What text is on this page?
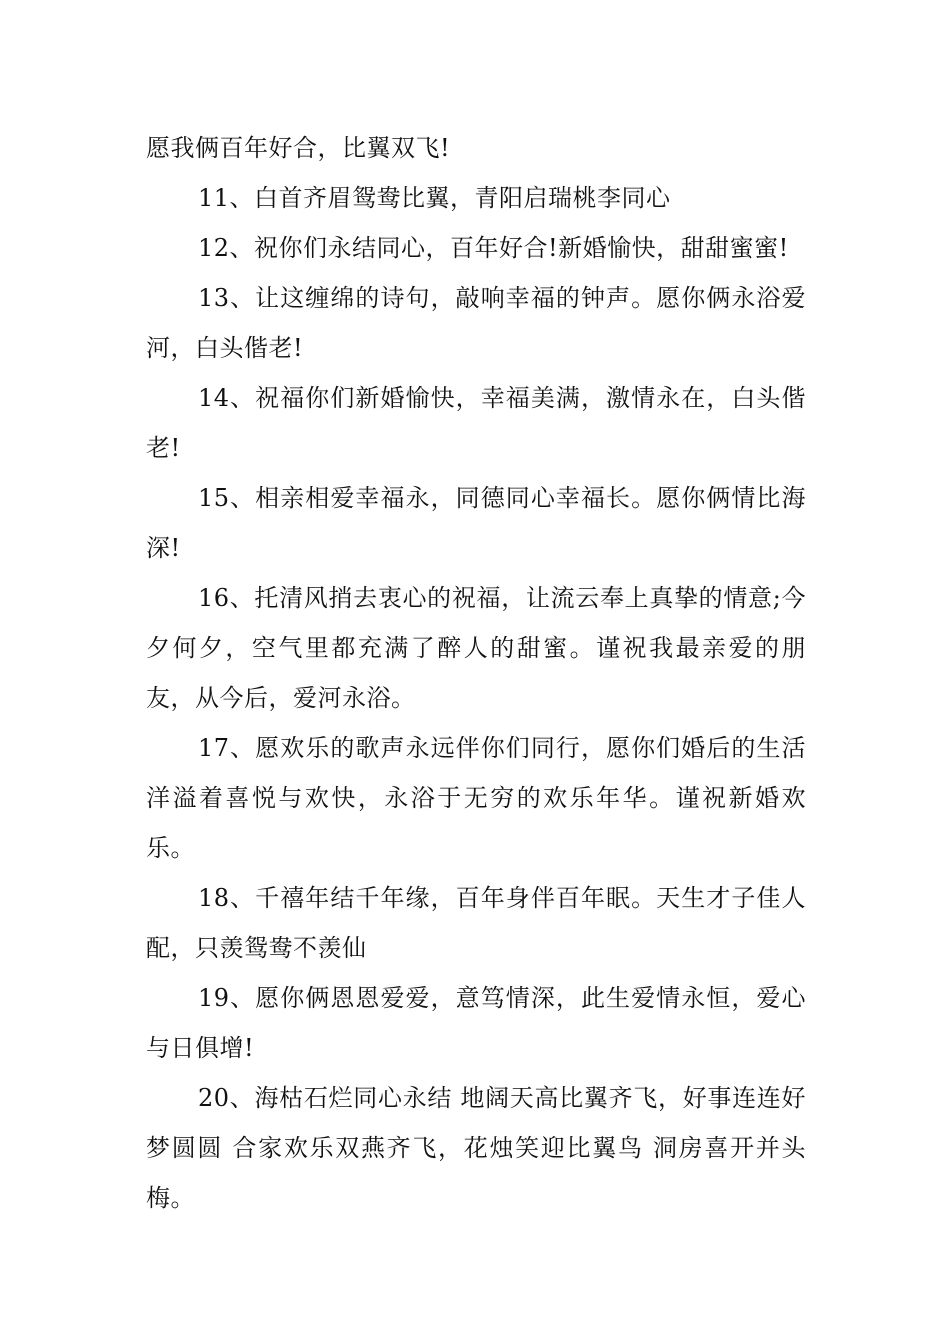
愿我俩百年好合，比翼双飞!

11、白首齐眉鸳鸯比翼，青阳启瑞桃李同心

12、祝你们永结同心，百年好合!新婚愉快，甜甜蜜蜜!

13、让这缠绵的诗句，敲响幸福的钟声。愿你俩永浴爱河，白头偕老!

14、祝福你们新婚愉快，幸福美满，激情永在，白头偕老!

15、相亲相爱幸福永，同德同心幸福长。愿你俩情比海深!

16、托清风捎去衷心的祝福，让流云奉上真挚的情意;今夕何夕，空气里都充满了醉人的甜蜜。谨祝我最亲爱的朋友，从今后，爱河永浴。

17、愿欢乐的歌声永远伴你们同行，愿你们婚后的生活洋溢着喜悦与欢快，永浴于无穷的欢乐年华。谨祝新婚欢乐。

18、千禧年结千年缘，百年身伴百年眠。天生才子佳人配，只羡鸳鸯不羡仙

19、愿你俩恩恩爱爱，意笃情深，此生爱情永恒，爱心与日俱增!

20、海枯石烂同心永结 地阔天高比翼齐飞，好事连连好梦圆圆 合家欢乐双燕齐飞，花烛笑迎比翼鸟 洞房喜开并头梅。
